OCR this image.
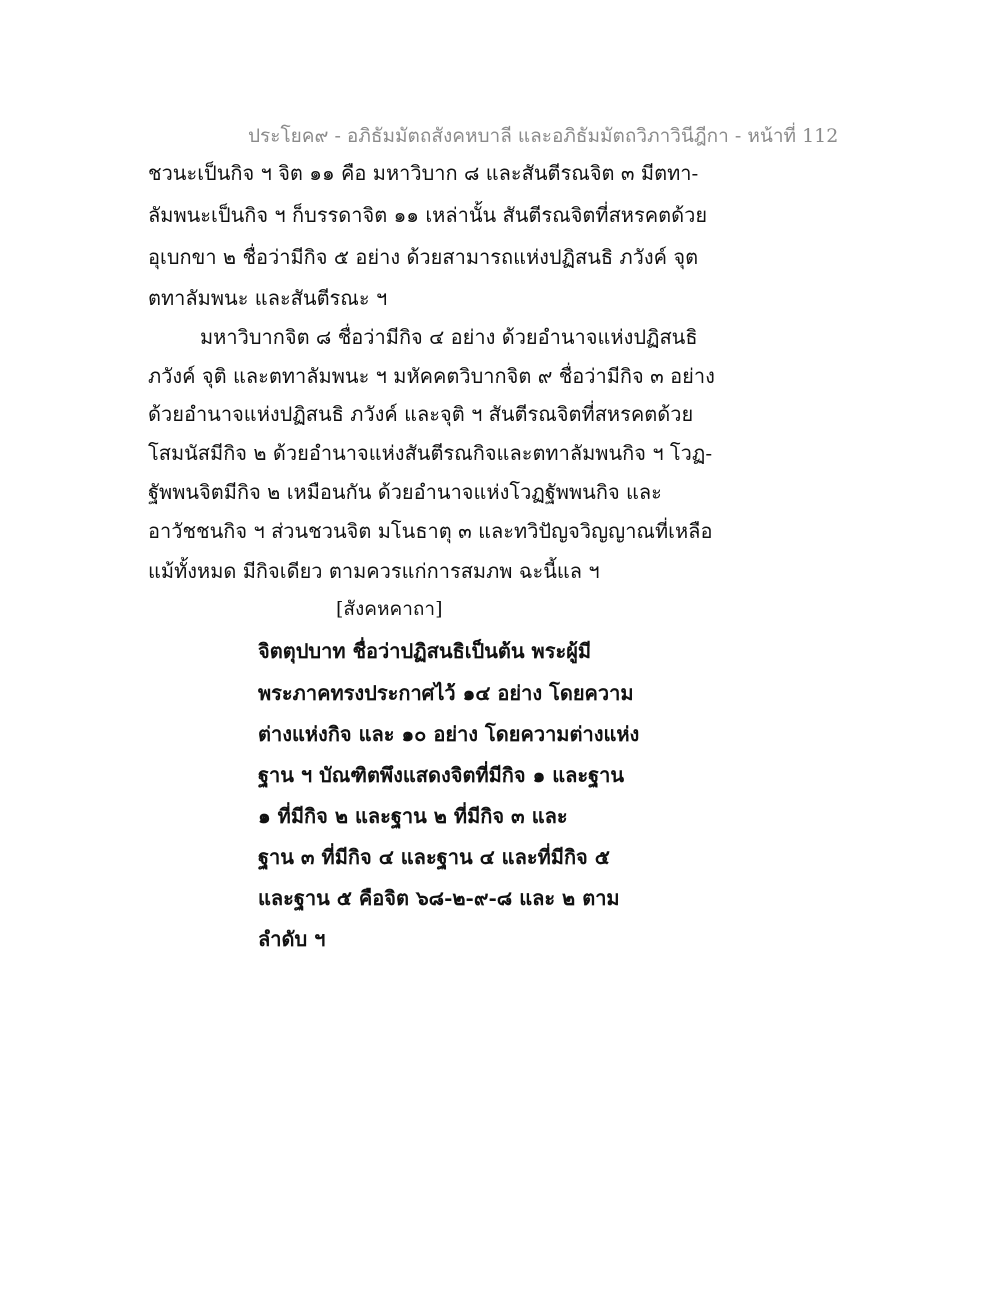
ประโยค๙ - อภิธัมมัตถสังคหบาลี และอภิธัมมัตถวิภาวินีฎีกา - หน้าที่ 112
ชวนะเป็นกิจ ฯ จิต ๑๑ คือ มหาวิบาก ๘ และสันตีรณจิต ๓ มีตทา-
ลัมพนะเป็นกิจ ฯ ก็บรรดาจิต ๑๑ เหล่านั้น สันตีรณจิตที่สหรคตด้วย
อุเบกขา ๒ ชื่อว่ามีกิจ ๕ อย่าง ด้วยสามารถแห่งปฏิสนธิ ภวังค์ จุต
ตทาลัมพนะ และสันตีรณะ ฯ
มหาวิบากจิต ๘ ชื่อว่ามีกิจ ๔ อย่าง ด้วยอำนาจแห่งปฏิสนธิ
ภวังค์ จุติ และตทาลัมพนะ ฯ มหัคคตวิบากจิต ๙ ชื่อว่ามีกิจ ๓ อย่าง
ด้วยอำนาจแห่งปฏิสนธิ ภวังค์ และจุติ ฯ สันตีรณจิตที่สหรคตด้วย
โสมนัสมีกิจ ๒ ด้วยอำนาจแห่งสันตีรณกิจและตทาลัมพนกิจ ฯ โวฏ-
ฐัพพนจิตมีกิจ ๒ เหมือนกัน ด้วยอำนาจแห่งโวฏฐัพพนกิจ และ
อาวัชชนกิจ ฯ ส่วนชวนจิต มโนธาตุ ๓ และทวิปัญจวิญญาณที่เหลือ
แม้ทั้งหมด มีกิจเดียว ตามควรแก่การสมภพ ฉะนี้แล ฯ
[สังคหคาถา]
จิตตุปบาท ชื่อว่าปฏิสนธิเป็นต้น พระผู้มี
พระภาคทรงประกาศไว้ ๑๔ อย่าง โดยความ
ต่างแห่งกิจ และ ๑๐ อย่าง โดยความต่างแห่ง
ฐาน ฯ บัณฑิตพึงแสดงจิตที่มีกิจ ๑ และฐาน
๑ ที่มีกิจ ๒ และฐาน ๒ ที่มีกิจ ๓ และ
ฐาน ๓ ที่มีกิจ ๔ และฐาน ๔ และที่มีกิจ ๕
และฐาน ๕ คือจิต ๖๘-๒-๙-๘ และ ๒ ตาม
ลำดับ ฯ
